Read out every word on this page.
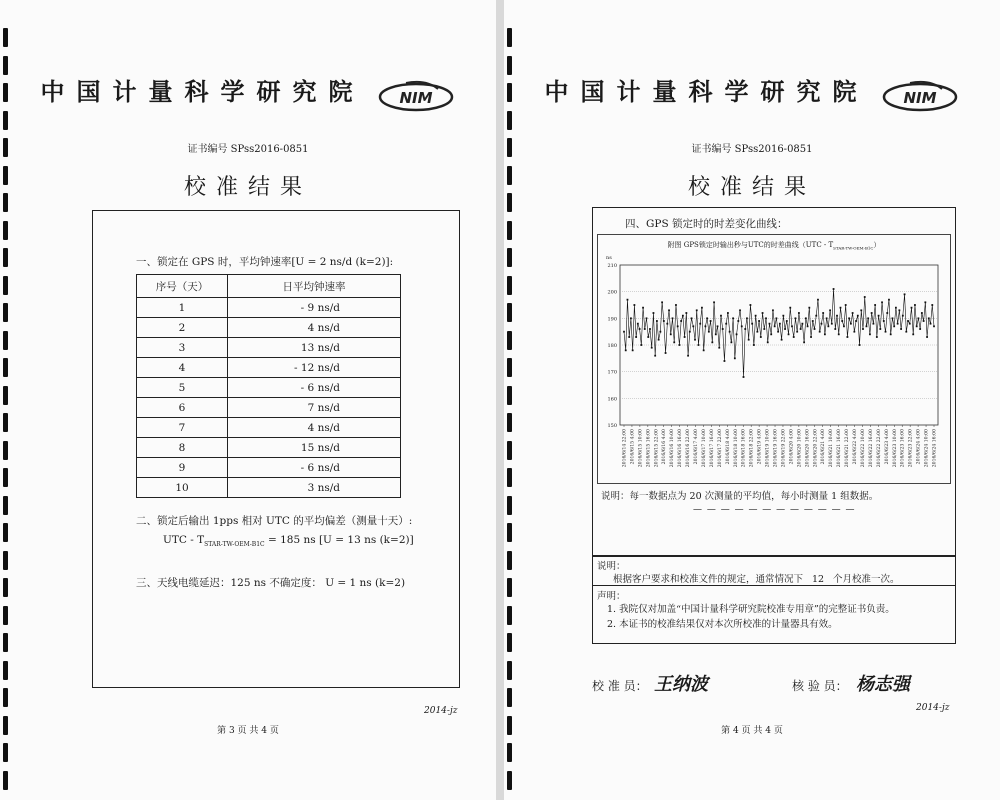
中国计量科学研究院 NIM
证书编号 SPss2016-0851
校准结果
一、锁定在 GPS 时，平均钟速率[U = 2 ns/d (k=2)]:
序号（天）	日平均钟速率
1	- 9 ns/d
2	4 ns/d
3	13 ns/d
4	- 12 ns/d
5	- 6 ns/d
6	7 ns/d
7	4 ns/d
8	15 ns/d
9	- 6 ns/d
10	3 ns/d
二、锁定后输出 1pps 相对 UTC 的平均偏差（测量十天）:
UTC - $T_{STAR-TW-OEM-B1C} = 185$ ns [U = 13 ns (k=2)]
三、天线电缆延迟：125 ns 不确定度： U = 1 ns (k=2)
2014-jz
第 3 页 共 4 页
中国计量科学研究院 NIM
证书编号 SPss2016-0851
校准结果
四、GPS 锁定时的时差变化曲线：
附图 GPS锁定时输出秒与UTC的时差曲线$(UTC - T_{STAR-TW-OEM-B1C})$
ns
150
160
170
180
190
200
210
2016/6/14 22:00 2016/6/15 4:00 2016/6/15 10:00 2016/6/15 16:00 2016/6/15 22:00 2016/6/16 4:00 2016/6/16 10:00 2016/6/16 16:00 2016/6/16 22:00 2016/6/17 4:00 2016/6/17 10:00 2016/6/17 16:00 2016/6/17 22:00 2016/6/18 4:00 2016/6/18 10:00 2016/6/18 16:00 2016/6/18 22:00 2016/6/19 4:00 2016/6/19 10:00 2016/6/19 16:00 2016/6/19 22:00 2016/6/20 4:00 2016/6/20 10:00 2016/6/20 16:00 2016/6/20 22:00 2016/6/21 4:00 2016/6/21 10:00 2016/6/21 16:00 2016/6/21 22:00 2016/6/22 4:00 2016/6/22 10:00 2016/6/22 16:00 2016/6/22 22:00 2016/6/23 4:00 2016/6/23 10:00 2016/6/23 16:00 2016/6/23 22:00 2016/6/24 4:00 2016/6/24 10:00 2016/6/24 16:00
说明：每一数据点为 20 次测量的平均值，每小时测量 1 组数据。
— — — — — — — — — — — —
说明：
根据客户要求和校准文件的规定，通常情况下 12 个月校准一次。
声明：
1. 我院仅对加盖“中国计量科学研究院校准专用章”的完整证书负责。
2. 本证书的校准结果仅对本次所校准的计量器具有效。
校 准 员： 王纳波	核 验 员： 杨志强
2014-jz
第 4 页 共 4 页
